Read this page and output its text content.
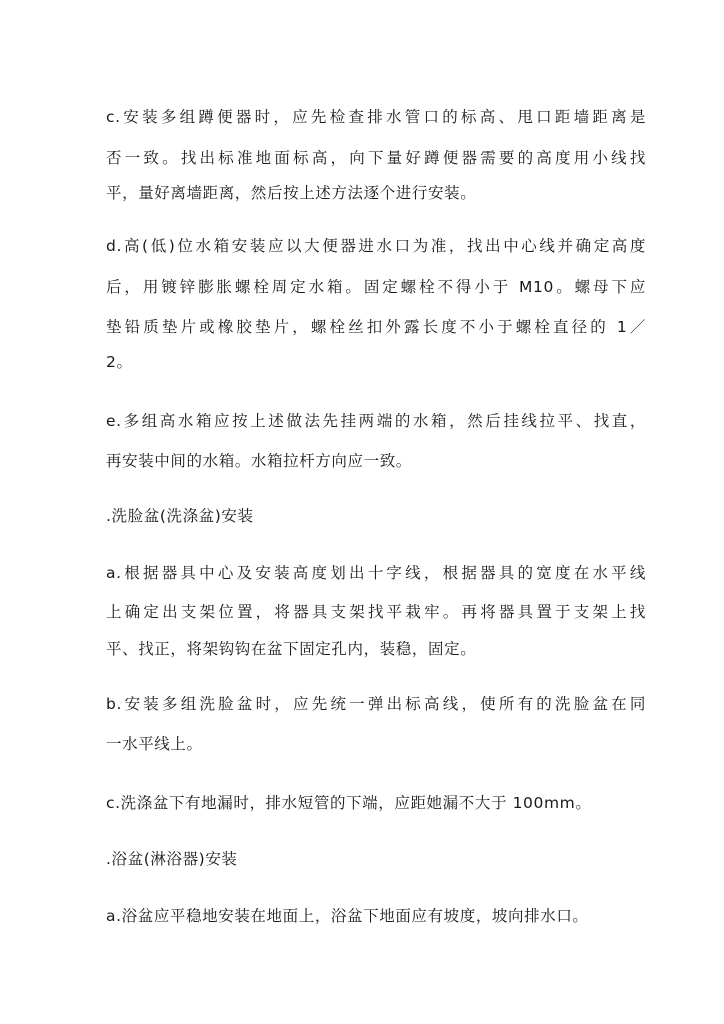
c.安装多组蹲便器时，应先检查排水管口的标高、甩口距墙距离是
否一致。找出标准地面标高，向下量好蹲便器需要的高度用小线找
平，量好离墙距离，然后按上述方法逐个进行安装。
d.高(低)位水箱安装应以大便器进水口为准，找出中心线并确定高度
后，用镀锌膨胀螺栓周定水箱。固定螺栓不得小于 M10。螺母下应
垫铅质垫片或橡胶垫片，螺栓丝扣外露长度不小于螺栓直径的 1／
2。
e.多组高水箱应按上述做法先挂两端的水箱，然后挂线拉平、找直，
再安装中间的水箱。水箱拉杆方向应一致。
.洗脸盆(洗涤盆)安装
a.根据器具中心及安装高度划出十字线，根据器具的宽度在水平线
上确定出支架位置，将器具支架找平栽牢。再将器具置于支架上找
平、找正，将架钩钩在盆下固定孔内，装稳，固定。
b.安装多组洗脸盆时，应先统一弹出标高线，使所有的洗脸盆在同
一水平线上。
c.洗涤盆下有地漏时，排水短管的下端，应距她漏不大于 100mm。
.浴盆(淋浴器)安装
a.浴盆应平稳地安装在地面上，浴盆下地面应有坡度，坡向排水口。
